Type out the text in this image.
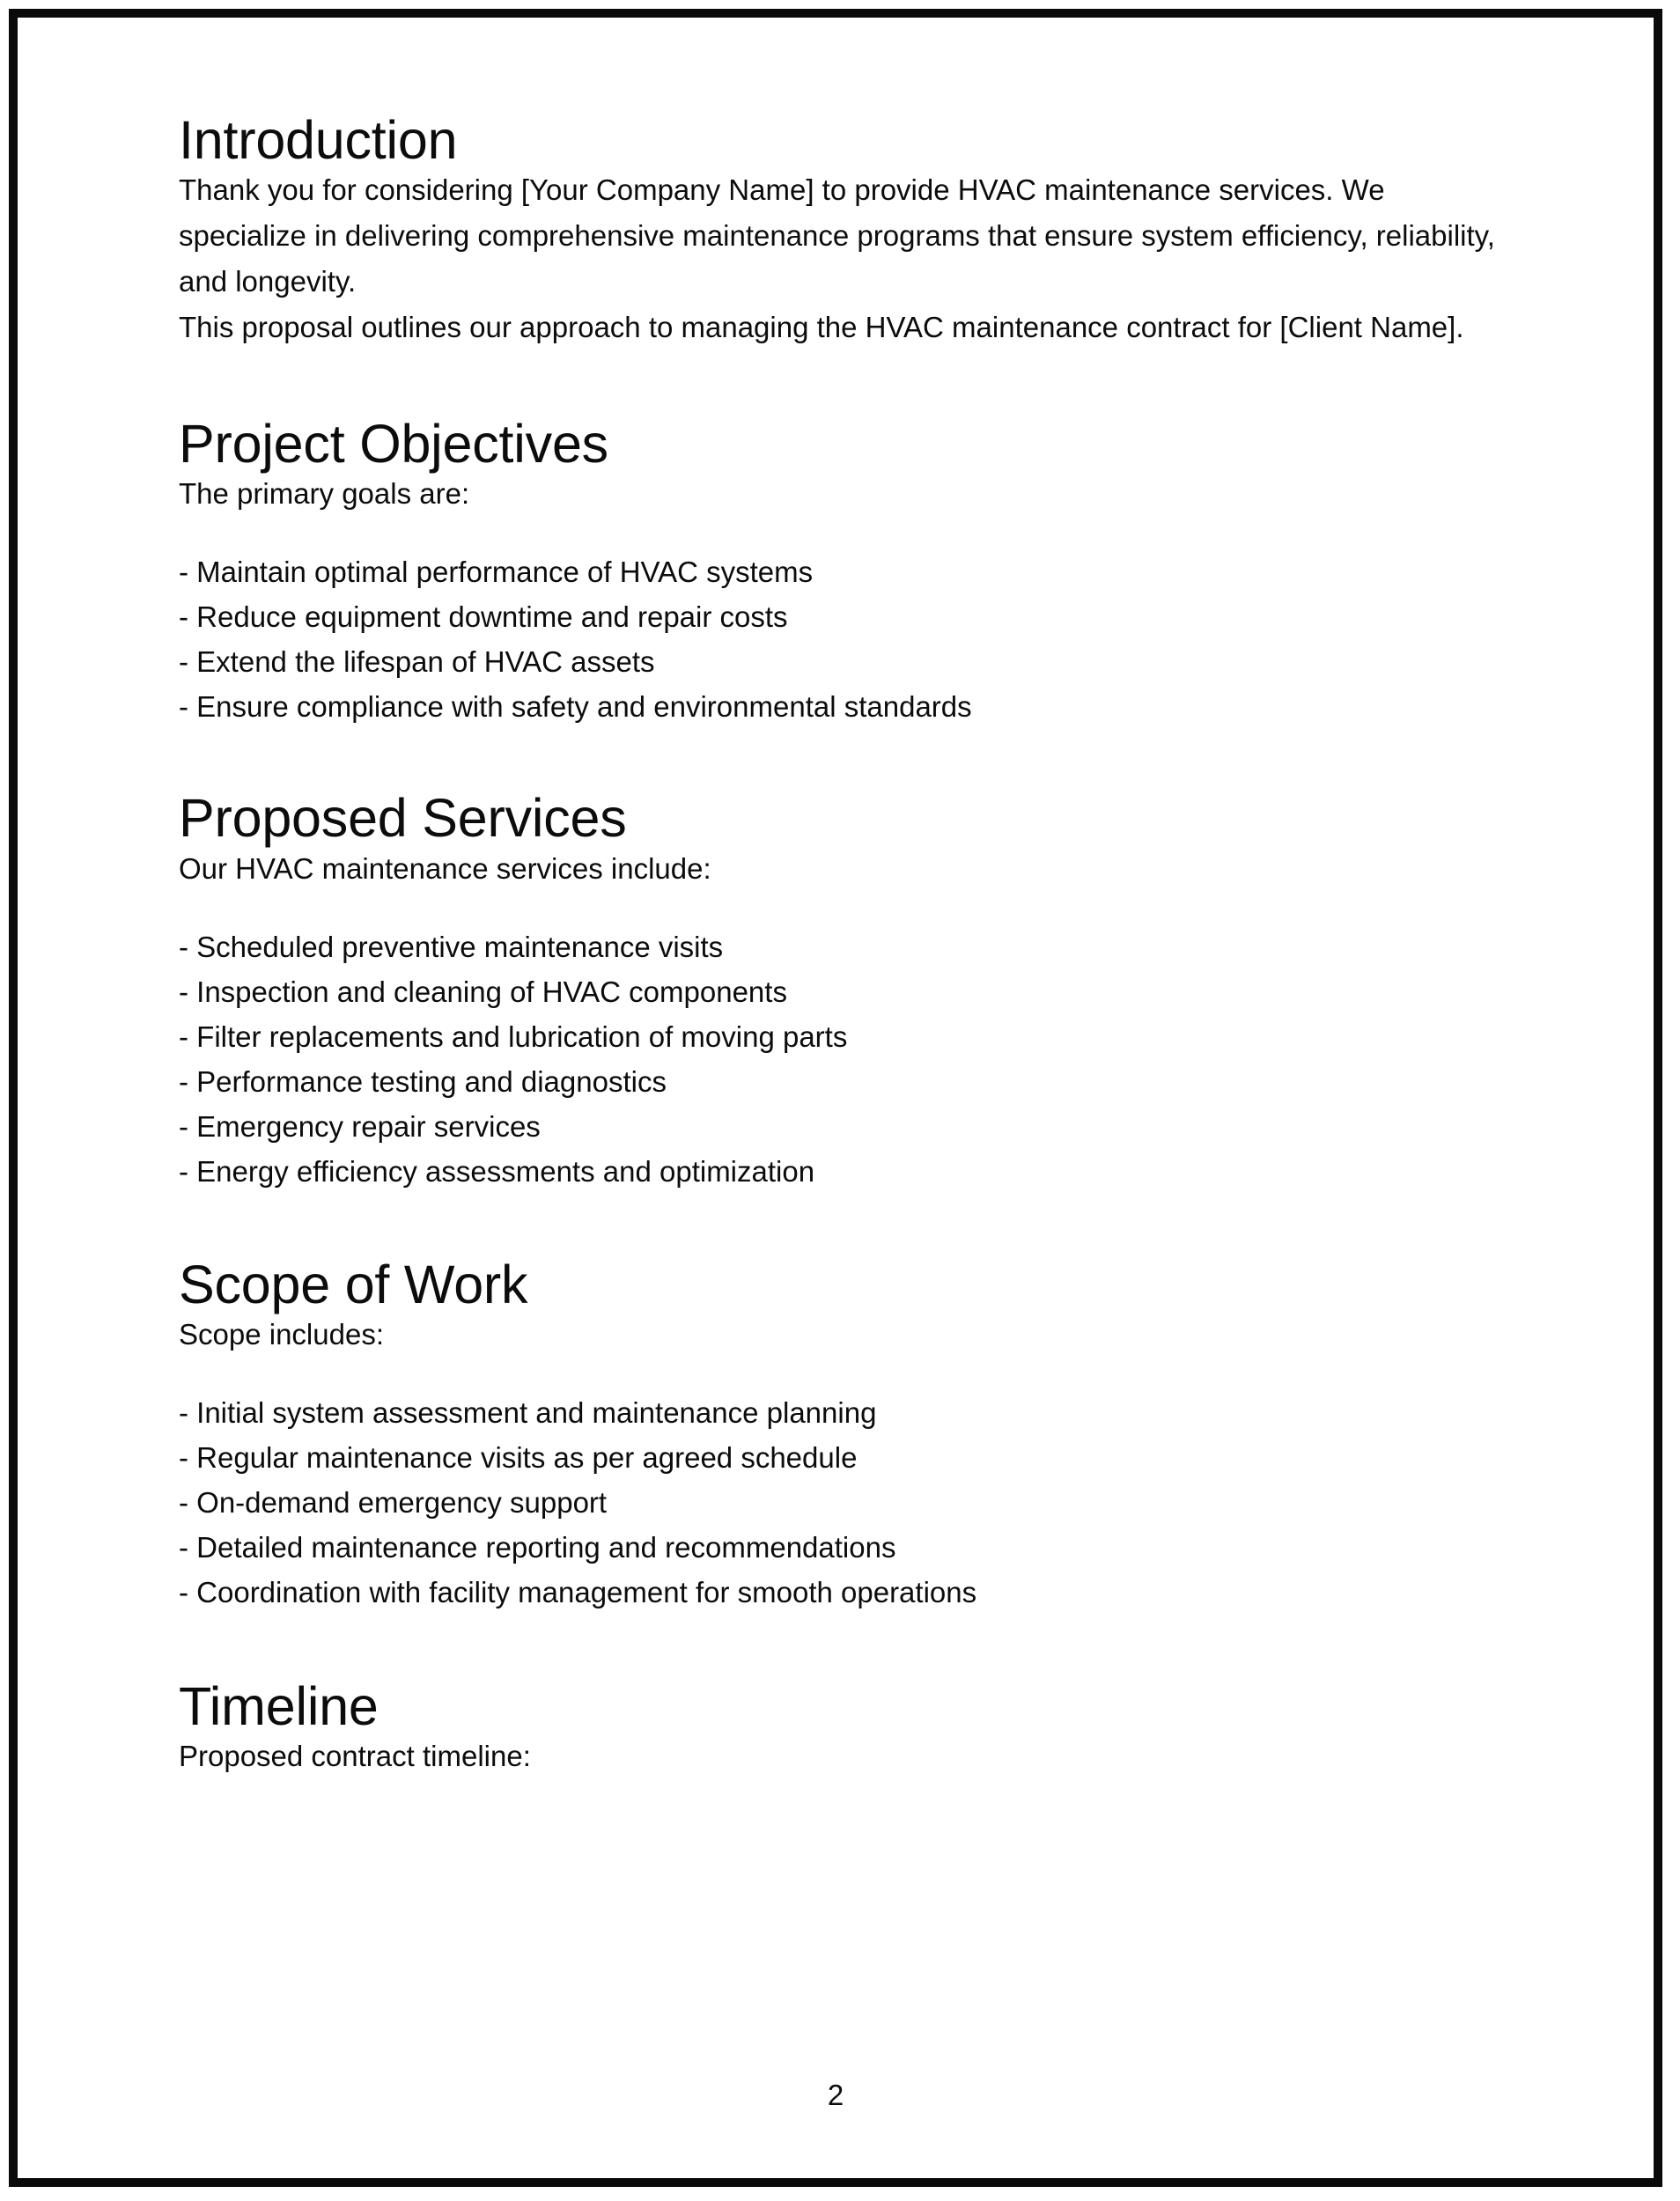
Introduction

Thank you for considering [Your Company Name] to provide HVAC maintenance services. We specialize in delivering comprehensive maintenance programs that ensure system efficiency, reliability, and longevity.

This proposal outlines our approach to managing the HVAC maintenance contract for [Client Name].

Project Objectives

The primary goals are:

- Maintain optimal performance of HVAC systems
- Reduce equipment downtime and repair costs
- Extend the lifespan of HVAC assets
- Ensure compliance with safety and environmental standards
Proposed Services

Our HVAC maintenance services include:

- Scheduled preventive maintenance visits
- Inspection and cleaning of HVAC components
- Filter replacements and lubrication of moving parts
- Performance testing and diagnostics
- Emergency repair services
- Energy efficiency assessments and optimization
Scope of Work

Scope includes:

- Initial system assessment and maintenance planning
- Regular maintenance visits as per agreed schedule
- On-demand emergency support
- Detailed maintenance reporting and recommendations
- Coordination with facility management for smooth operations
Timeline

Proposed contract timeline:

2
